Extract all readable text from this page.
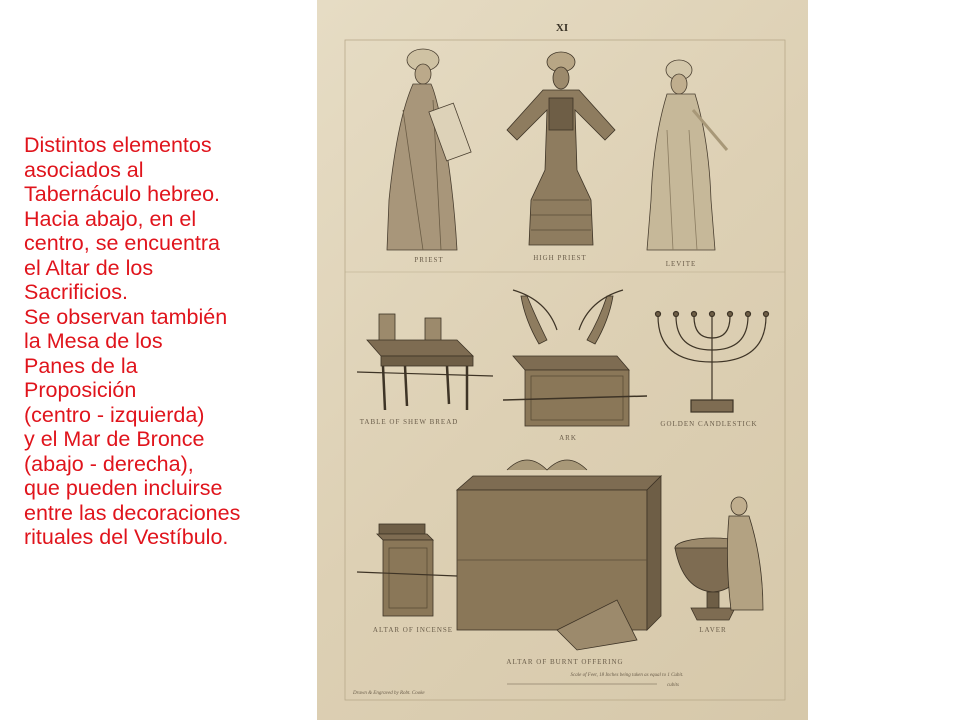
Distintos elementos
asociados al
Tabernáculo hebreo.
Hacia abajo, en el
centro, se encuentra
el Altar de los
Sacrificios.
Se observan también
la Mesa de los
Panes de la
Proposición
(centro - izquierda)
y el Mar de Bronce
(abajo - derecha),
que pueden incluirse
entre las decoraciones
rituales del Vestíbulo.
XI
PRIEST	HIGH PRIEST
LEVITE
TABLE OF SHEW BREAD
ARK
GOLDEN CANDLESTICK
ALTAR OF INCENSE
ALTAR OF BURNT OFFERING
LAVER
Scale of Feet, 18 Inches being taken as equal to 1 Cubit.
cubits
Drawn & Engraved by Robt. Cooke
